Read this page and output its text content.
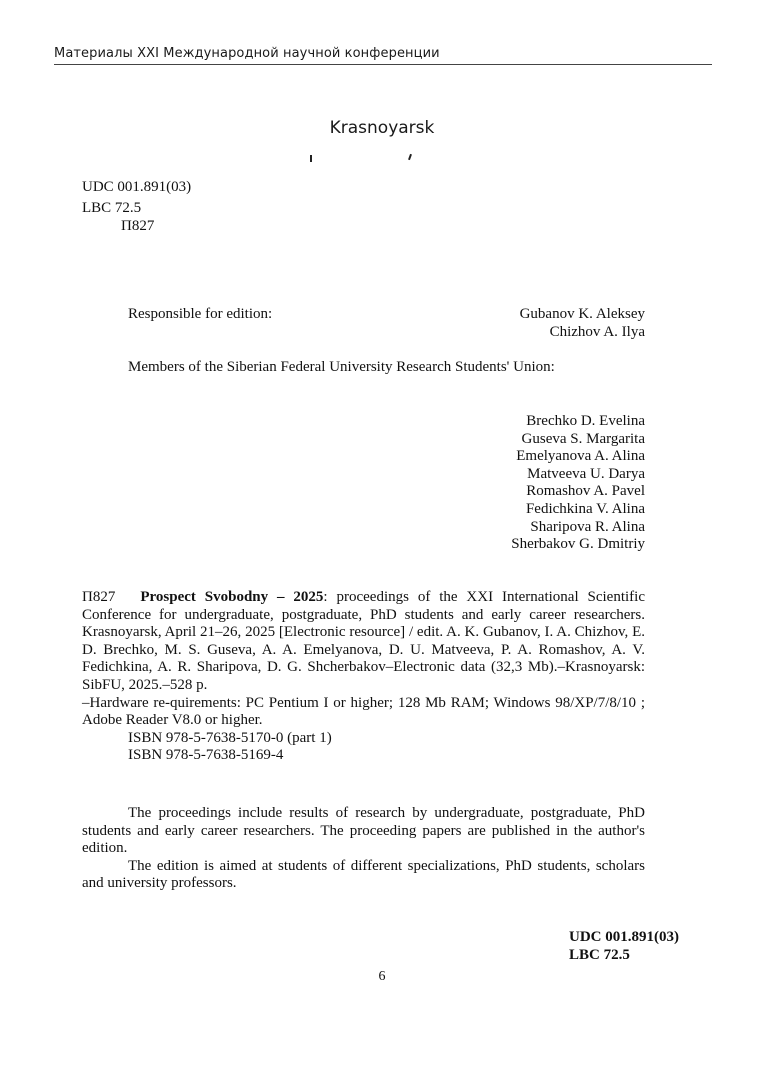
Материалы XXI Международной научной конференции
Krasnoyarsk
UDC 001.891(03)
LBC 72.5
П827
Responsible for edition:	Gubanov K. Aleksey
Chizhov A. Ilya
Members of the Siberian Federal University Research Students' Union:
Brechko D. Evelina
Guseva S. Margarita
Emelyanova A. Alina
Matveeva U. Darya
Romashov A. Pavel
Fedichkina V. Alina
Sharipova R. Alina
Sherbakov G. Dmitriy

П827 Prospect Svobodny – 2025: proceedings of the XXI International Scientific Conference for undergraduate, postgraduate, PhD students and early career researchers. Krasnoyarsk, April 21–26, 2025 [Electronic resource] / edit. A. K. Gubanov, I. A. Chizhov, E. D. Brechko, M. S. Guseva, A. A. Emelyanova, D. U. Matveeva, P. A. Romashov, A. V. Fedichkina, A. R. Sharipova, D. G. Shcherbakov–Electronic data (32,3 Mb).–Krasnoyarsk: SibFU, 2025.–528 p.

–Hardware re-quirements: PC Pentium I or higher; 128 Mb RAM; Windows 98/XP/7/8/10 ; Adobe Reader V8.0 or higher.

ISBN 978-5-7638-5170-0 (part 1)

ISBN 978-5-7638-5169-4

The proceedings include results of research by undergraduate, postgraduate, PhD students and early career researchers. The proceeding papers are published in the author's edition.

The edition is aimed at students of different specializations, PhD students, scholars and university professors.

UDC 001.891(03)
LBC 72.5
6
